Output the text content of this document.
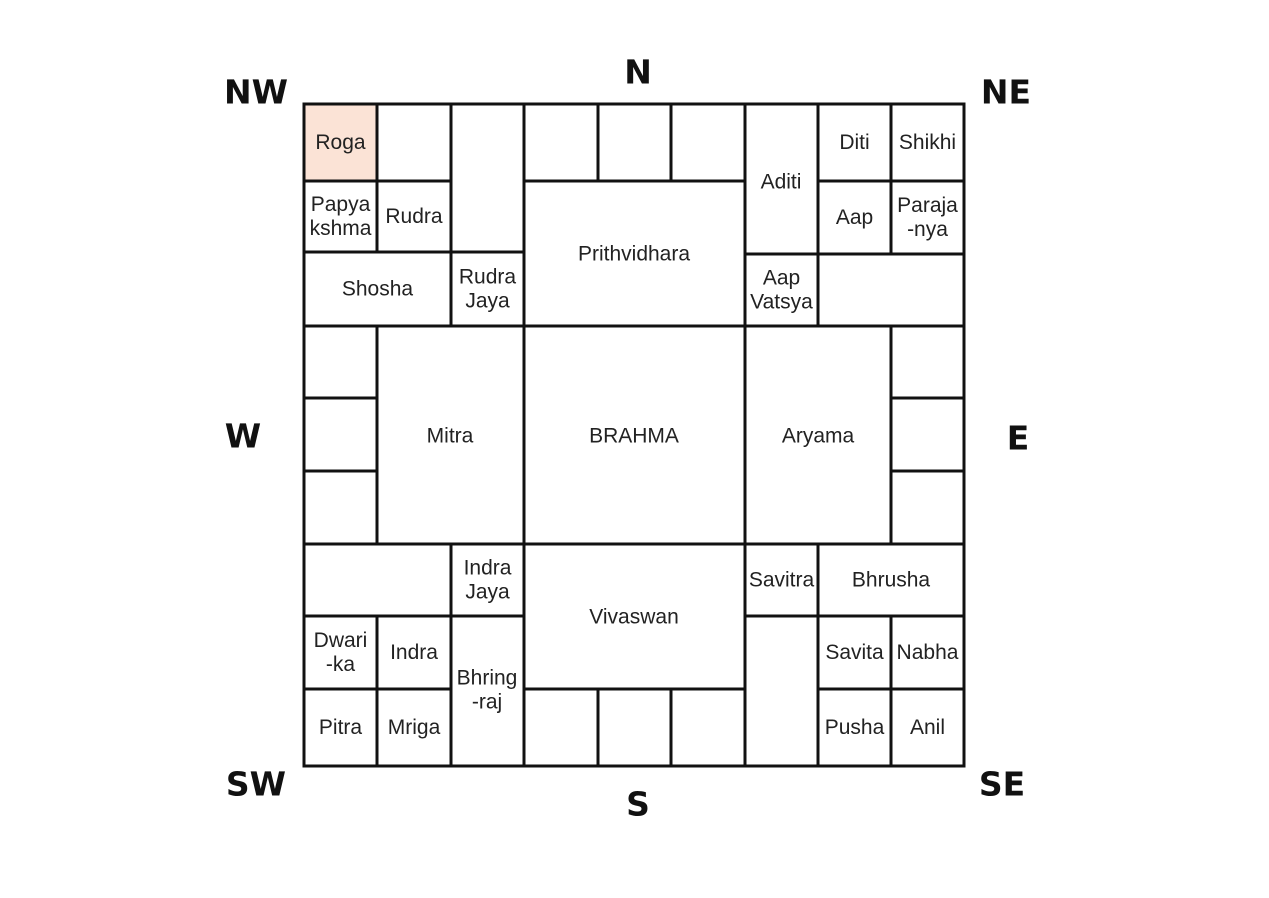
Roga
Aditi
Diti Shikhi
Papya
kshma
Rudra
Prithvidhara
Aap
Paraja
-nya
Shosha
Rudra
Jaya
Aap
Vatsya
Mitra	BRAHMA	Aryama
Indra
Jaya
Vivaswan
Savitra Bhrusha
Dwari
-ka
Indra
Bhring
-raj
Savita Nabha
Pitra Mriga	Pusha Anil
NW
N
NE
W	E
SW
S
SE
